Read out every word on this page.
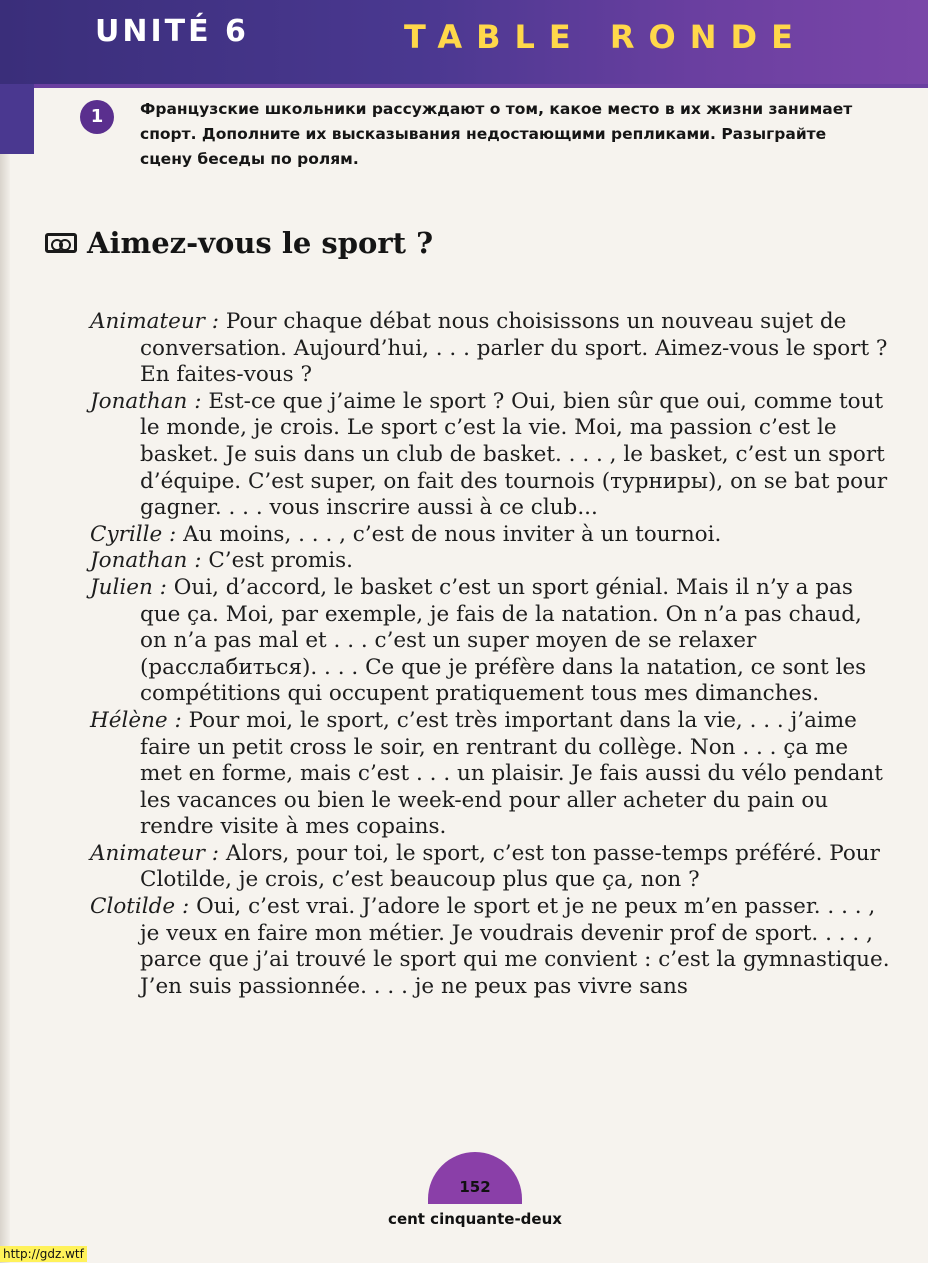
UNITÉ 6	TABLE RONDE
1	Французские школьники рассуждают о том, какое место в их жизни занимает спорт. Дополните их высказывания недостающими репликами. Разыграйте сцену беседы по ролям.
Aimez-vous le sport ?

Animateur : Pour chaque débat nous choisissons un nouveau sujet de conversation. Aujourd’hui, . . . parler du sport. Aimez-vous le sport ? En faites-vous ?

Jonathan : Est-ce que j’aime le sport ? Oui, bien sûr que oui, comme tout le monde, je crois. Le sport c’est la vie. Moi, ma passion c’est le basket. Je suis dans un club de basket. . . . , le basket, c’est un sport d’équipe. C’est super, on fait des tournois (турниры), on se bat pour gagner. . . . vous inscrire aussi à ce club...

Cyrille : Au moins, . . . , c’est de nous inviter à un tournoi.

Jonathan : C’est promis.

Julien : Oui, d’accord, le basket c’est un sport génial. Mais il n’y a pas que ça. Moi, par exemple, je fais de la natation. On n’a pas chaud, on n’a pas mal et . . . c’est un super moyen de se relaxer (расслабиться). . . . Ce que je préfère dans la natation, ce sont les compétitions qui occupent pratiquement tous mes dimanches.

Hélène : Pour moi, le sport, c’est très important dans la vie, . . . j’aime faire un petit cross le soir, en rentrant du collège. Non . . . ça me met en forme, mais c’est . . . un plaisir. Je fais aussi du vélo pendant les vacances ou bien le week-end pour aller acheter du pain ou rendre visite à mes copains.

Animateur : Alors, pour toi, le sport, c’est ton passe-temps préféré. Pour Clotilde, je crois, c’est beaucoup plus que ça, non ?

Clotilde : Oui, c’est vrai. J’adore le sport et je ne peux m’en passer. . . . , je veux en faire mon métier. Je voudrais devenir prof de sport. . . . , parce que j’ai trouvé le sport qui me convient : c’est la gymnastique. J’en suis passionnée. . . . je ne peux pas vivre sans

152
cent cinquante-deux
http://gdz.wtf
